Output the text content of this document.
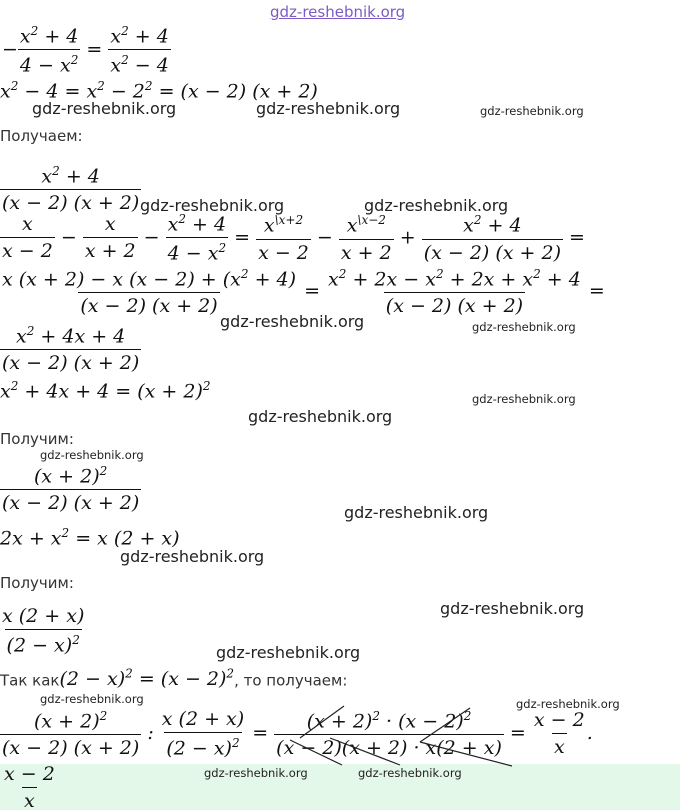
gdz-reshebnik.org
− $\frac{x^2 + 4}{4 - x^2} = \frac{x^2 + 4}{x^2 - 4}$
$x^2 - 4 = x^2 - 2^2 = (x - 2) (x + 2)$
gdz-reshebnik.org	gdz-reshebnik.org	gdz-reshebnik.org
Получаем:
$\frac{x^2 + 4}{(x - 2) (x + 2)}$
gdz-reshebnik.org	gdz-reshebnik.org
$\frac{x}{x - 2} - \frac{x}{x + 2} - \frac{x^2 + 4}{4 - x^2} = \frac{x^{\backslash x+2}}{x - 2} - \frac{x^{\backslash x-2}}{x + 2} + \frac{x^2 + 4}{(x - 2) (x + 2)}$ =
$\frac{x (x + 2) - x (x - 2) + (x^2 + 4)}{(x - 2) (x + 2)} = \frac{x^2 + 2x - x^2 + 2x + x^2 + 4}{(x - 2) (x + 2)}$ =
gdz-reshebnik.org	gdz-reshebnik.org
$\frac{x^2 + 4x + 4}{(x - 2) (x + 2)}$
$x^2 + 4x + 4 = (x + 2)^2$
gdz-reshebnik.org
gdz-reshebnik.org
Получим:
gdz-reshebnik.org
$\frac{(x + 2)^2}{(x - 2) (x + 2)}$	gdz-reshebnik.org
$2x + x^2 = x$ (2 + x)
gdz-reshebnik.org
Получим:
$\frac{x (2 + x)}{(2 - x)^2}$	gdz-reshebnik.org
gdz-reshebnik.org
Так $как(2 - x)^2 = (x - 2)^2$, то получаем:
gdz-reshebnik.org	gdz-reshebnik.org
$\frac{(x + 2)^2}{(x - 2) (x + 2)}$ : $\frac{x (2 + x)}{(2 - x)^2} = \frac{(x + 2)^2 \cdot (x - 2)^2}{(x - 2)(x + 2) \cdot x(2 + x)} = \frac{x - 2}{x}$ .
gdz-reshebnik.org	gdz-reshebnik.org
$\frac{x - 2}{x}$
